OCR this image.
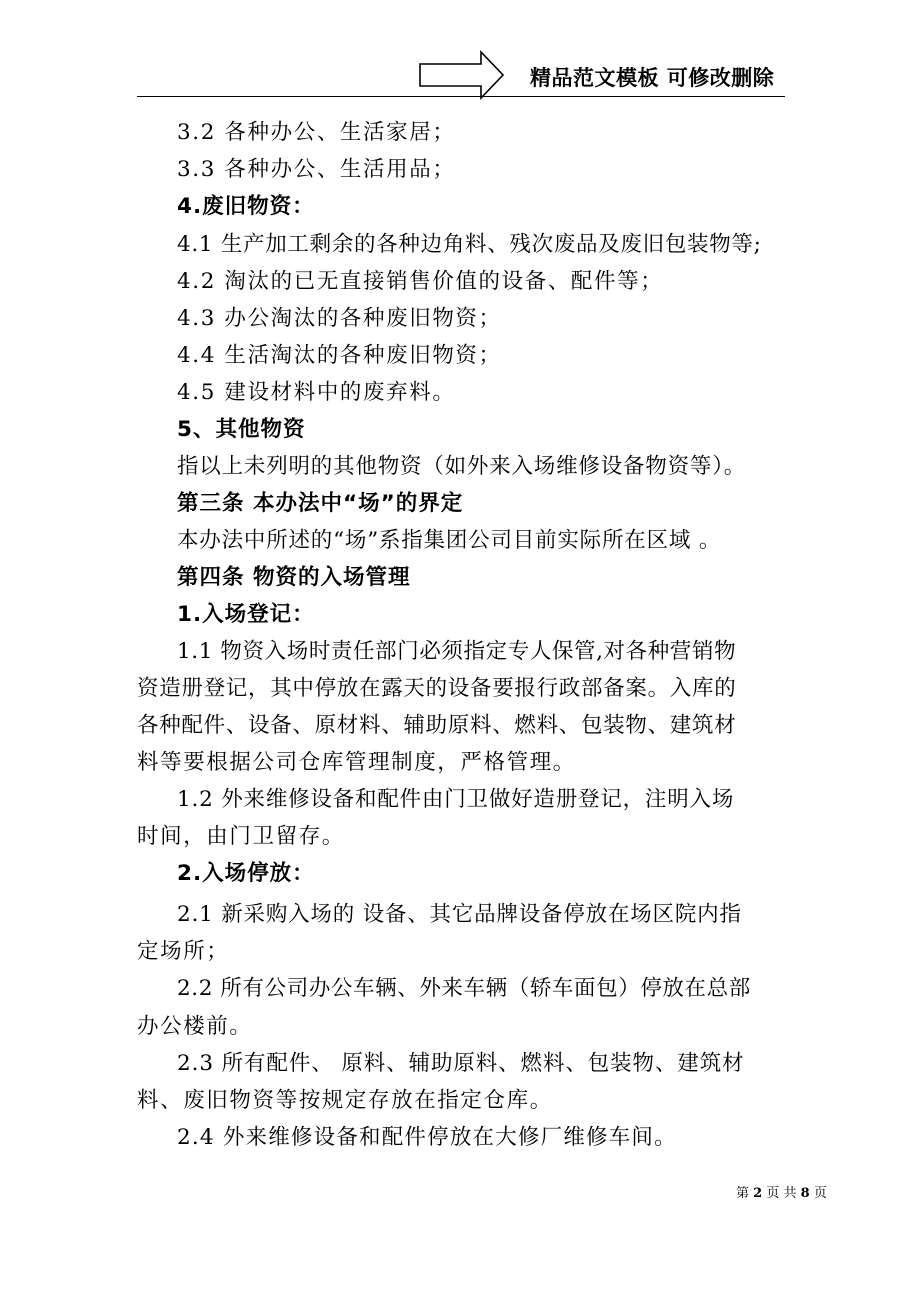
精品范文模板 可修改删除
3.2 各种办公、生活家居；
3.3 各种办公、生活用品；
4.废旧物资：
4.1 生产加工剩余的各种边角料、残次废品及废旧包装物等;
4.2 淘汰的已无直接销售价值的设备、配件等；
4.3 办公淘汰的各种废旧物资；
4.4 生活淘汰的各种废旧物资；
4.5 建设材料中的废弃料。
5、其他物资
指以上未列明的其他物资（如外来入场维修设备物资等）。
第三条 本办法中“场”的界定
本办法中所述的“场”系指集团公司目前实际所在区域 。
第四条 物资的入场管理
1.入场登记：
1.1 物资入场时责任部门必须指定专人保管,对各种营销物
资造册登记，其中停放在露天的设备要报行政部备案。入库的
各种配件、设备、原材料、辅助原料、燃料、包装物、建筑材
料等要根据公司仓库管理制度，严格管理。
1.2 外来维修设备和配件由门卫做好造册登记，注明入场
时间，由门卫留存。
2.入场停放：
2.1 新采购入场的 设备、其它品牌设备停放在场区院内指
定场所；
2.2 所有公司办公车辆、外来车辆（轿车面包）停放在总部
办公楼前。
2.3 所有配件、 原料、辅助原料、燃料、包装物、建筑材
料、废旧物资等按规定存放在指定仓库。
2.4 外来维修设备和配件停放在大修厂维修车间。
第 2 页 共 8 页
